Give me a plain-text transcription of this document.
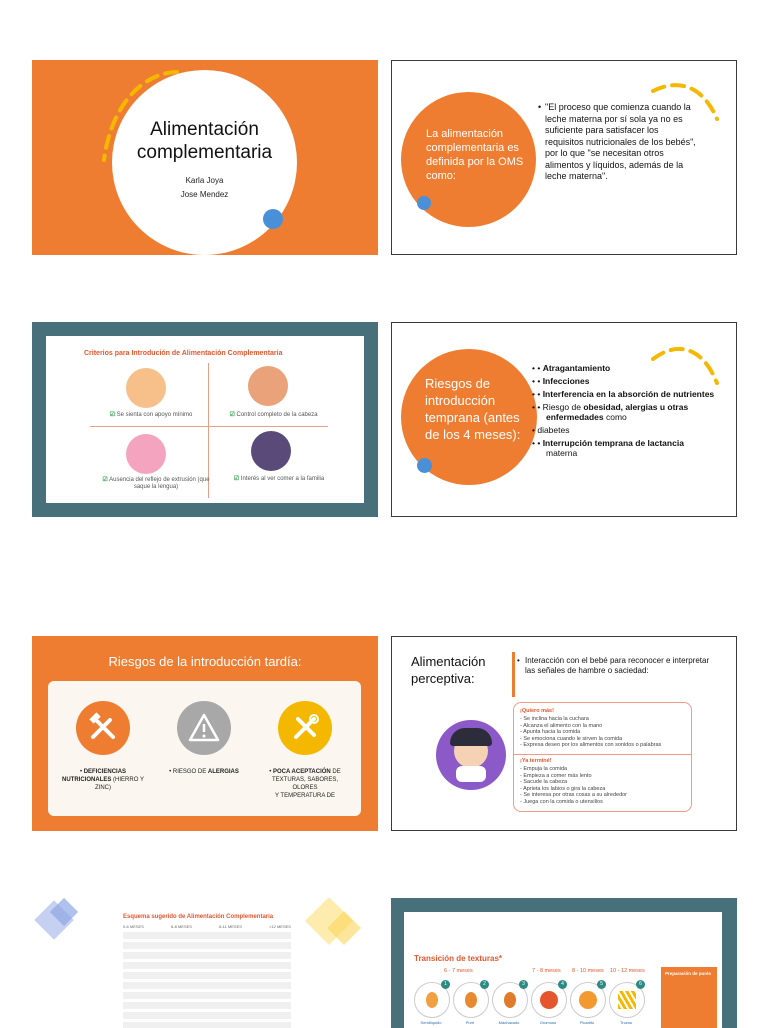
Alimentación
complementaria
Karla Joya
Jose Mendez
La alimentación complementaria es definida por la OMS como:
• "El proceso que comienza cuando la leche materna por sí sola ya no es suficiente para satisfacer los requisitos nutricionales de los bebés", por lo que "se necesitan otros alimentos y líquidos, además de la leche materna".
Criterios para Introdución de Alimentación Complementaria
☑ Se sienta con apoyo mínimo	☑ Control completo de la cabeza
☑ Ausencia del reflejo de extrusión (que saque la lengua)
☑ Interés al ver comer a la familia
Riesgos de introducción temprana (antes de los 4 meses):
• • Atragantamiento
• • Infecciones
• • Interferencia en la absorción de nutrientes
• • Riesgo de obesidad, alergias u otras enfermedades como
• diabetes
• • Interrupción temprana de lactancia materna
Riesgos de la introducción tardía:
• DEFICIENCIAS
NUTRICIONALES (HIERRO Y
ZINC)
• RIESGO DE ALERGIAS	• POCA ACEPTACIÓN DE
TEXTURAS, SABORES, OLORES
Y TEMPERATURA DE
Alimentación perceptiva:
• Interacción con el bebé para reconocer e interpretar las señales de hambre o saciedad:
¡Quiero más!
- Se inclina hacia la cuchara
- Alcanza el alimento con la mano
- Apunta hacia la comida
- Se emociona cuando le sirven la comida
- Expresa deseo por los alimentos con sonidos o palabras
¡Ya terminé!
- Empuja la comida
- Empieza a comer más lento
- Sacude la cabeza
- Aprieta los labios o gira la cabeza
- Se interesa por otras cosas a su alrededor
- Juega con la comida o utensilios
Esquema sugerido de Alimentación Complementaria
0-6 MESES	6-8 MESES	8-11 MESES	>12 MESES
Transición de texturas*
6 - 7 meses	7 - 8 meses 8 - 10 meses 10 - 12 meses
1	2	3	4	5	6
Semilíquido	Puré	Machacado	Grumoso	Picadito	Trozos
Preparación de purés
